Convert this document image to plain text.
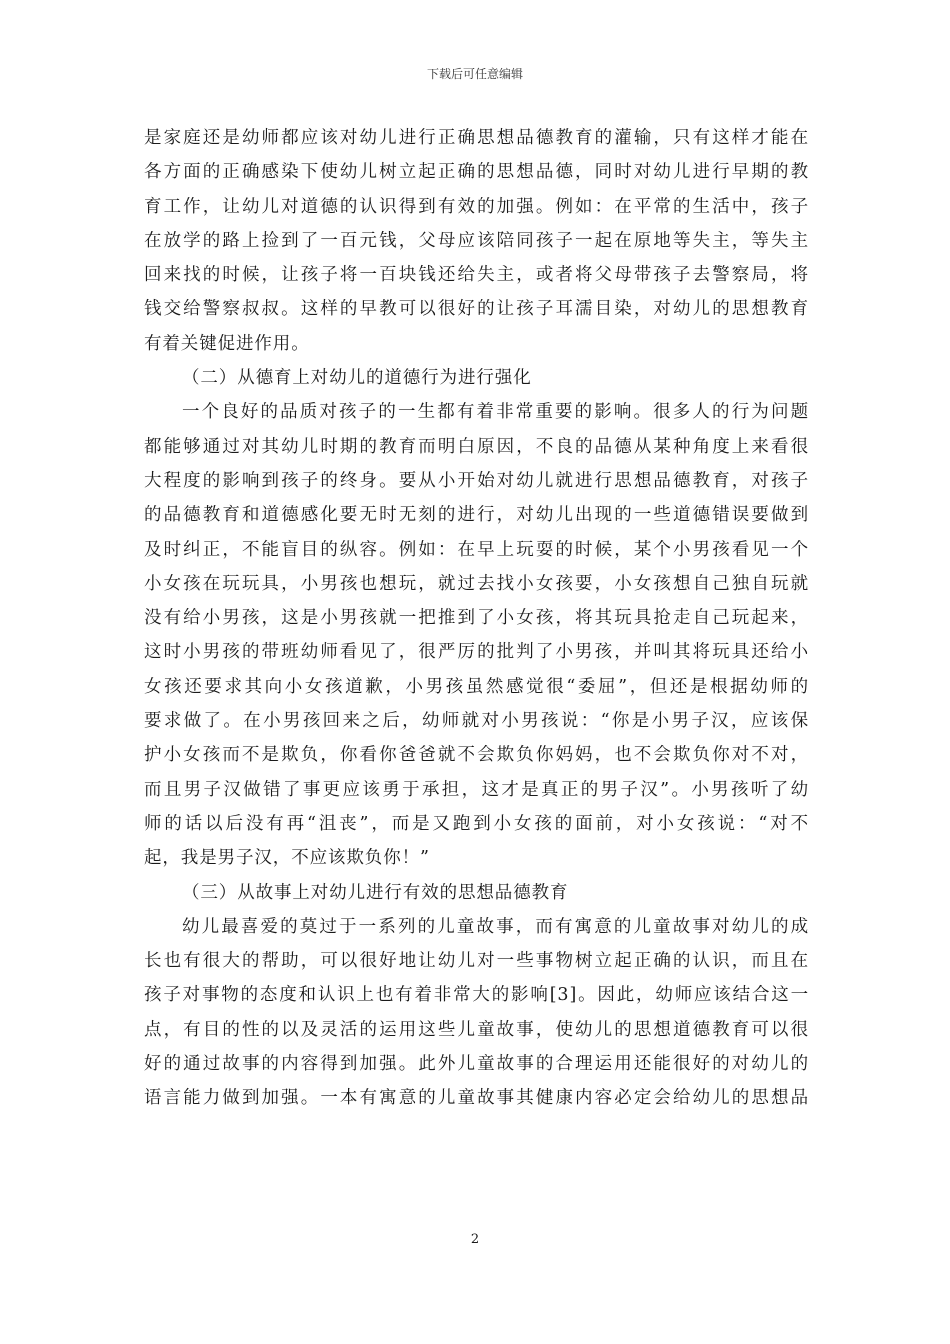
下载后可任意编辑
是家庭还是幼师都应该对幼儿进行正确思想品德教育的灌输，只有这样才能在
各方面的正确感染下使幼儿树立起正确的思想品德，同时对幼儿进行早期的教
育工作，让幼儿对道德的认识得到有效的加强。例如：在平常的生活中，孩子
在放学的路上捡到了一百元钱，父母应该陪同孩子一起在原地等失主，等失主
回来找的时候，让孩子将一百块钱还给失主，或者将父母带孩子去警察局，将
钱交给警察叔叔。这样的早教可以很好的让孩子耳濡目染，对幼儿的思想教育
有着关键促进作用。
（二）从德育上对幼儿的道德行为进行强化
一个良好的品质对孩子的一生都有着非常重要的影响。很多人的行为问题
都能够通过对其幼儿时期的教育而明白原因，不良的品德从某种角度上来看很
大程度的影响到孩子的终身。要从小开始对幼儿就进行思想品德教育，对孩子
的品德教育和道德感化要无时无刻的进行，对幼儿出现的一些道德错误要做到
及时纠正，不能盲目的纵容。例如：在早上玩耍的时候，某个小男孩看见一个
小女孩在玩玩具，小男孩也想玩，就过去找小女孩要，小女孩想自己独自玩就
没有给小男孩，这是小男孩就一把推到了小女孩，将其玩具抢走自己玩起来，
这时小男孩的带班幼师看见了，很严厉的批判了小男孩，并叫其将玩具还给小
女孩还要求其向小女孩道歉，小男孩虽然感觉很“委屈”，但还是根据幼师的
要求做了。在小男孩回来之后，幼师就对小男孩说：“你是小男子汉，应该保
护小女孩而不是欺负，你看你爸爸就不会欺负你妈妈，也不会欺负你对不对，
而且男子汉做错了事更应该勇于承担，这才是真正的男子汉”。小男孩听了幼
师的话以后没有再“沮丧”，而是又跑到小女孩的面前，对小女孩说：“对不
起，我是男子汉，不应该欺负你！”
（三）从故事上对幼儿进行有效的思想品德教育
幼儿最喜爱的莫过于一系列的儿童故事，而有寓意的儿童故事对幼儿的成
长也有很大的帮助，可以很好地让幼儿对一些事物树立起正确的认识，而且在
孩子对事物的态度和认识上也有着非常大的影响[3]。因此，幼师应该结合这一
点，有目的性的以及灵活的运用这些儿童故事，使幼儿的思想道德教育可以很
好的通过故事的内容得到加强。此外儿童故事的合理运用还能很好的对幼儿的
语言能力做到加强。一本有寓意的儿童故事其健康内容必定会给幼儿的思想品
2
